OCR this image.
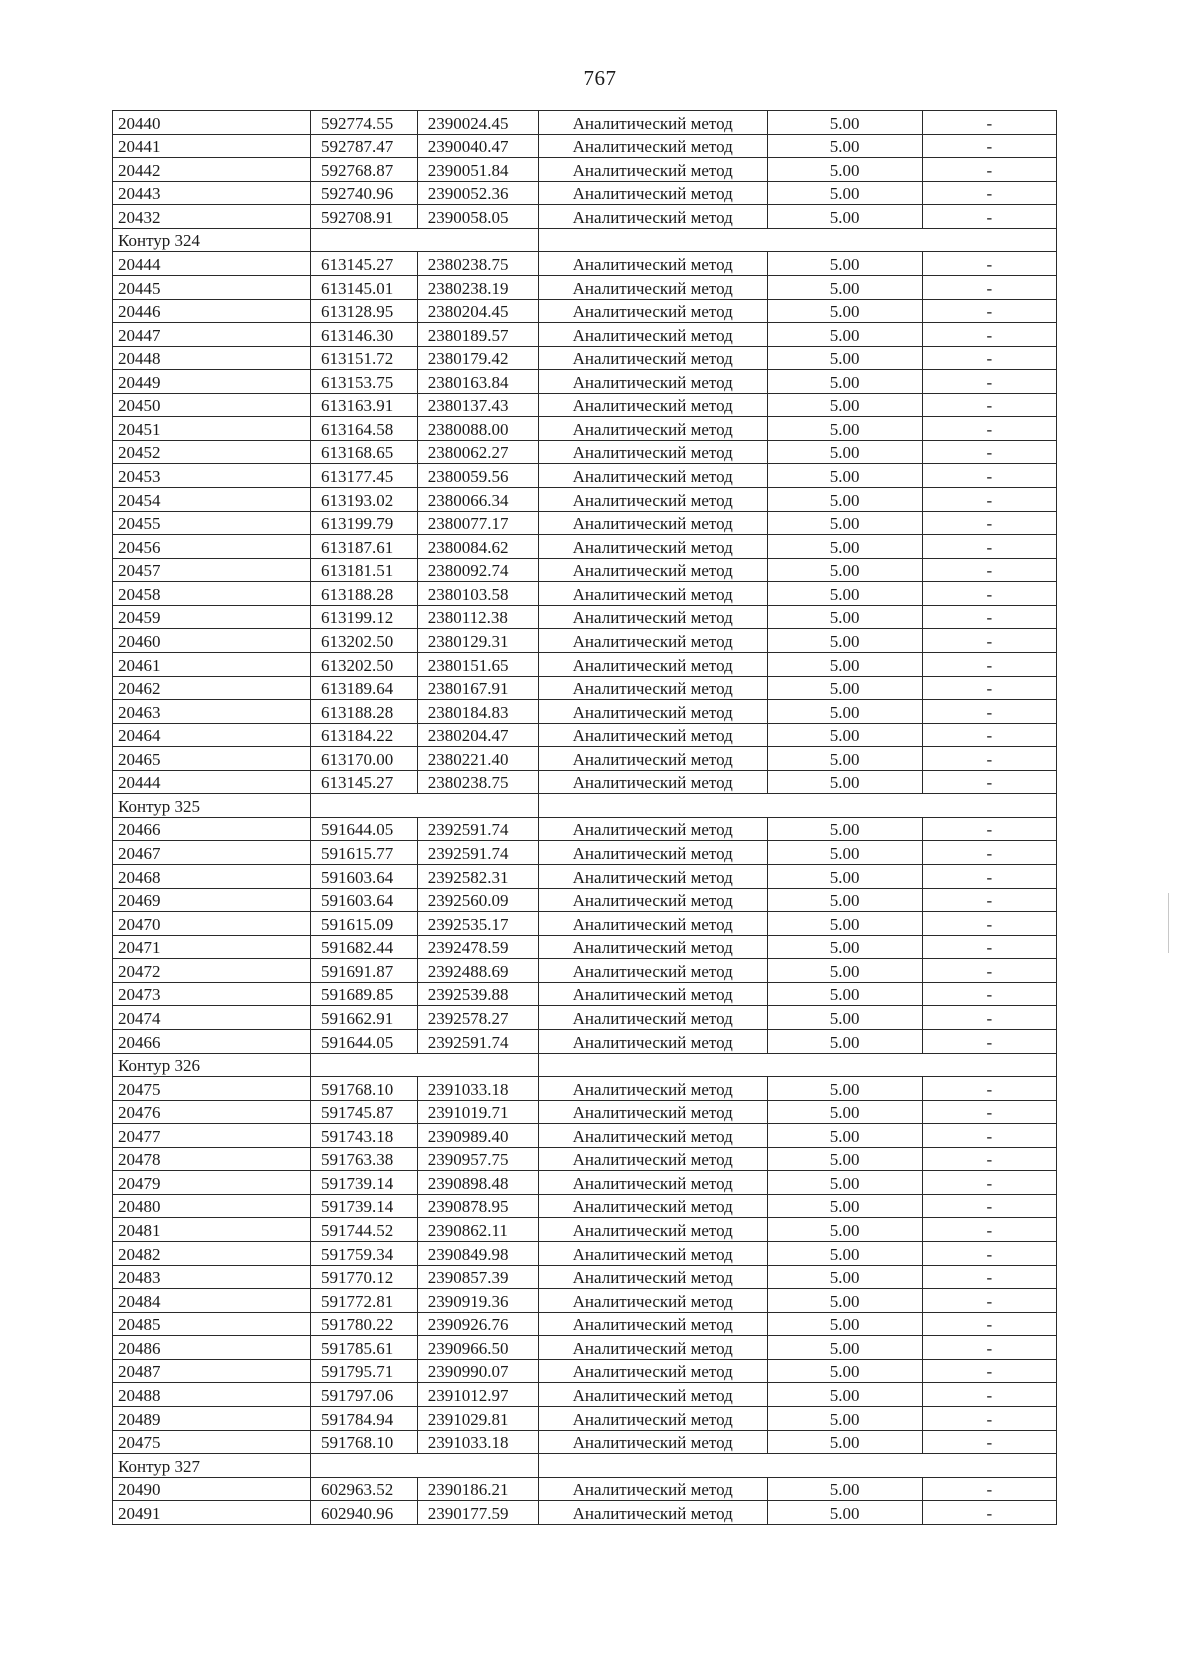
767
20440	592774.55	2390024.45	Аналитический метод	5.00	-
20441	592787.47	2390040.47	Аналитический метод	5.00	-
20442	592768.87	2390051.84	Аналитический метод	5.00	-
20443	592740.96	2390052.36	Аналитический метод	5.00	-
20432	592708.91	2390058.05	Аналитический метод	5.00	-
Контур 324					
20444	613145.27	2380238.75	Аналитический метод	5.00	-
20445	613145.01	2380238.19	Аналитический метод	5.00	-
20446	613128.95	2380204.45	Аналитический метод	5.00	-
20447	613146.30	2380189.57	Аналитический метод	5.00	-
20448	613151.72	2380179.42	Аналитический метод	5.00	-
20449	613153.75	2380163.84	Аналитический метод	5.00	-
20450	613163.91	2380137.43	Аналитический метод	5.00	-
20451	613164.58	2380088.00	Аналитический метод	5.00	-
20452	613168.65	2380062.27	Аналитический метод	5.00	-
20453	613177.45	2380059.56	Аналитический метод	5.00	-
20454	613193.02	2380066.34	Аналитический метод	5.00	-
20455	613199.79	2380077.17	Аналитический метод	5.00	-
20456	613187.61	2380084.62	Аналитический метод	5.00	-
20457	613181.51	2380092.74	Аналитический метод	5.00	-
20458	613188.28	2380103.58	Аналитический метод	5.00	-
20459	613199.12	2380112.38	Аналитический метод	5.00	-
20460	613202.50	2380129.31	Аналитический метод	5.00	-
20461	613202.50	2380151.65	Аналитический метод	5.00	-
20462	613189.64	2380167.91	Аналитический метод	5.00	-
20463	613188.28	2380184.83	Аналитический метод	5.00	-
20464	613184.22	2380204.47	Аналитический метод	5.00	-
20465	613170.00	2380221.40	Аналитический метод	5.00	-
20444	613145.27	2380238.75	Аналитический метод	5.00	-
Контур 325					
20466	591644.05	2392591.74	Аналитический метод	5.00	-
20467	591615.77	2392591.74	Аналитический метод	5.00	-
20468	591603.64	2392582.31	Аналитический метод	5.00	-
20469	591603.64	2392560.09	Аналитический метод	5.00	-
20470	591615.09	2392535.17	Аналитический метод	5.00	-
20471	591682.44	2392478.59	Аналитический метод	5.00	-
20472	591691.87	2392488.69	Аналитический метод	5.00	-
20473	591689.85	2392539.88	Аналитический метод	5.00	-
20474	591662.91	2392578.27	Аналитический метод	5.00	-
20466	591644.05	2392591.74	Аналитический метод	5.00	-
Контур 326					
20475	591768.10	2391033.18	Аналитический метод	5.00	-
20476	591745.87	2391019.71	Аналитический метод	5.00	-
20477	591743.18	2390989.40	Аналитический метод	5.00	-
20478	591763.38	2390957.75	Аналитический метод	5.00	-
20479	591739.14	2390898.48	Аналитический метод	5.00	-
20480	591739.14	2390878.95	Аналитический метод	5.00	-
20481	591744.52	2390862.11	Аналитический метод	5.00	-
20482	591759.34	2390849.98	Аналитический метод	5.00	-
20483	591770.12	2390857.39	Аналитический метод	5.00	-
20484	591772.81	2390919.36	Аналитический метод	5.00	-
20485	591780.22	2390926.76	Аналитический метод	5.00	-
20486	591785.61	2390966.50	Аналитический метод	5.00	-
20487	591795.71	2390990.07	Аналитический метод	5.00	-
20488	591797.06	2391012.97	Аналитический метод	5.00	-
20489	591784.94	2391029.81	Аналитический метод	5.00	-
20475	591768.10	2391033.18	Аналитический метод	5.00	-
Контур 327					
20490	602963.52	2390186.21	Аналитический метод	5.00	-
20491	602940.96	2390177.59	Аналитический метод	5.00	-
